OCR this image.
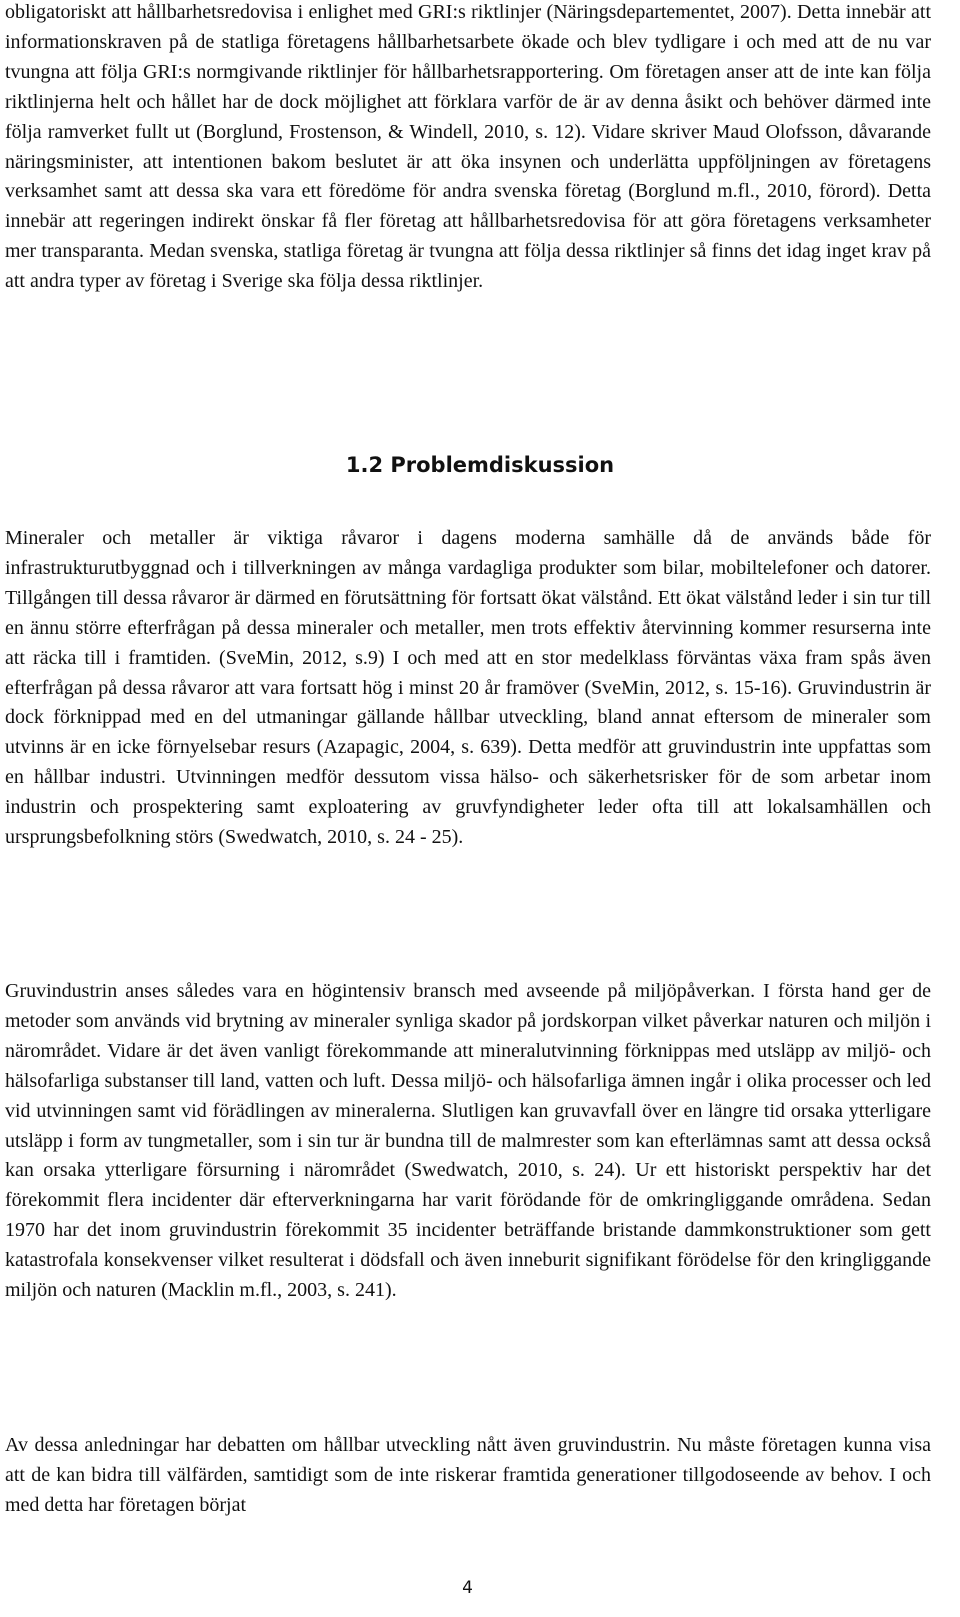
obligatoriskt att hållbarhetsredovisa i enlighet med GRI:s riktlinjer (Näringsdepartementet, 2007). Detta innebär att informationskraven på de statliga företagens hållbarhetsarbete ökade och blev tydligare i och med att de nu var tvungna att följa GRI:s normgivande riktlinjer för hållbarhetsrapportering. Om företagen anser att de inte kan följa riktlinjerna helt och hållet har de dock möjlighet att förklara varför de är av denna åsikt och behöver därmed inte följa ramverket fullt ut (Borglund, Frostenson, & Windell, 2010, s. 12). Vidare skriver Maud Olofsson, dåvarande näringsminister, att intentionen bakom beslutet är att öka insynen och underlätta uppföljningen av företagens verksamhet samt att dessa ska vara ett föredöme för andra svenska företag (Borglund m.fl., 2010, förord). Detta innebär att regeringen indirekt önskar få fler företag att hållbarhetsredovisa för att göra företagens verksamheter mer transparanta. Medan svenska, statliga företag är tvungna att följa dessa riktlinjer så finns det idag inget krav på att andra typer av företag i Sverige ska följa dessa riktlinjer.

1.2 Problemdiskussion

Mineraler och metaller är viktiga råvaror i dagens moderna samhälle då de används både för infrastrukturutbyggnad och i tillverkningen av många vardagliga produkter som bilar, mobiltelefoner och datorer. Tillgången till dessa råvaror är därmed en förutsättning för fortsatt ökat välstånd. Ett ökat välstånd leder i sin tur till en ännu större efterfrågan på dessa mineraler och metaller, men trots effektiv återvinning kommer resurserna inte att räcka till i framtiden. (SveMin, 2012, s.9) I och med att en stor medelklass förväntas växa fram spås även efterfrågan på dessa råvaror att vara fortsatt hög i minst 20 år framöver (SveMin, 2012, s. 15-16). Gruvindustrin är dock förknippad med en del utmaningar gällande hållbar utveckling, bland annat eftersom de mineraler som utvinns är en icke förnyelsebar resurs (Azapagic, 2004, s. 639). Detta medför att gruvindustrin inte uppfattas som en hållbar industri. Utvinningen medför dessutom vissa hälso- och säkerhetsrisker för de som arbetar inom industrin och prospektering samt exploatering av gruvfyndigheter leder ofta till att lokalsamhällen och ursprungsbefolkning störs (Swedwatch, 2010, s. 24 - 25).

Gruvindustrin anses således vara en högintensiv bransch med avseende på miljöpåverkan. I första hand ger de metoder som används vid brytning av mineraler synliga skador på jordskorpan vilket påverkar naturen och miljön i närområdet. Vidare är det även vanligt förekommande att mineralutvinning förknippas med utsläpp av miljö- och hälsofarliga substanser till land, vatten och luft. Dessa miljö- och hälsofarliga ämnen ingår i olika processer och led vid utvinningen samt vid förädlingen av mineralerna. Slutligen kan gruvavfall över en längre tid orsaka ytterligare utsläpp i form av tungmetaller, som i sin tur är bundna till de malmrester som kan efterlämnas samt att dessa också kan orsaka ytterligare försurning i närområdet (Swedwatch, 2010, s. 24). Ur ett historiskt perspektiv har det förekommit flera incidenter där efterverkningarna har varit förödande för de omkringliggande områdena. Sedan 1970 har det inom gruvindustrin förekommit 35 incidenter beträffande bristande dammkonstruktioner som gett katastrofala konsekvenser vilket resulterat i dödsfall och även inneburit signifikant förödelse för den kringliggande miljön och naturen (Macklin m.fl., 2003, s. 241).

Av dessa anledningar har debatten om hållbar utveckling nått även gruvindustrin. Nu måste företagen kunna visa att de kan bidra till välfärden, samtidigt som de inte riskerar framtida generationer tillgodoseende av behov. I och med detta har företagen börjat

4
